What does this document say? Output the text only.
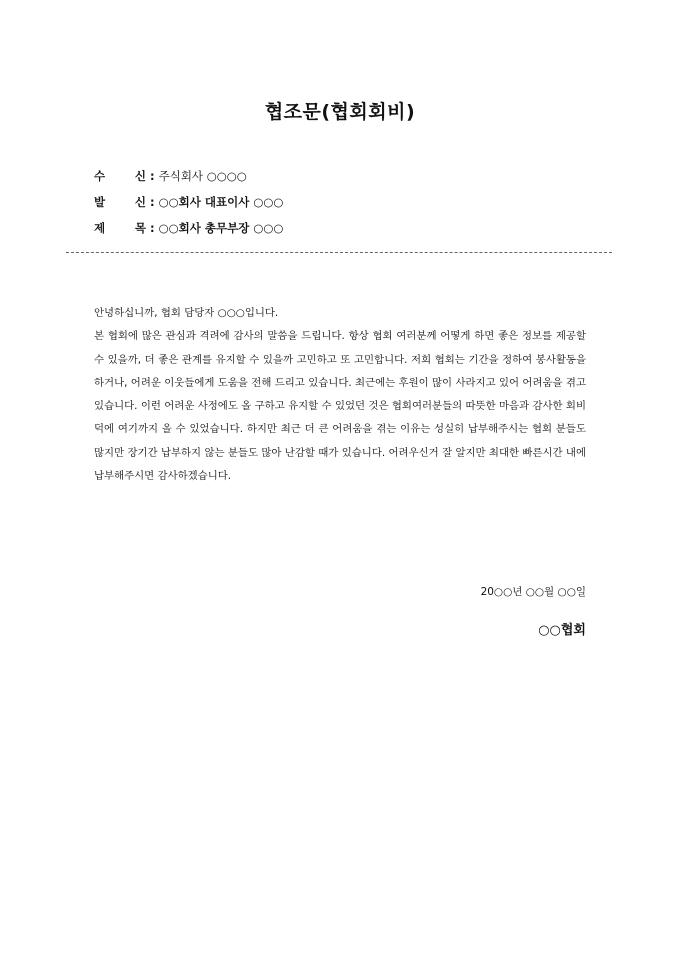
협조문(협회회비)
수	신 : 주식회사 ○○○○
발	신 : ○○회사 대표이사 ○○○
제	목 : ○○회사 총무부장 ○○○
안녕하십니까, 협회 담당자 ○○○입니다.
본 협회에 많은 관심과 격려에 감사의 말씀을 드립니다. 항상 협회 여러분께 어떻게 하면 좋은 정보를 제공할 수 있을까, 더 좋은 관계를 유지할 수 있을까 고민하고 또 고민합니다. 저희 협회는 기간을 정하여 봉사활동을 하거나, 어려운 이웃들에게 도움을 전해 드리고 있습니다. 최근에는 후원이 많이 사라지고 있어 어려움을 겪고 있습니다. 이런 어려운 사정에도 올 구하고 유지할 수 있었던 것은 협회여러분들의 따뜻한 마음과 감사한 회비덕에 여기까지 올 수 있었습니다. 하지만 최근 더 큰 어려움을 겪는 이유는 성실히 납부해주시는 협회 분들도 많지만 장기간 납부하지 않는 분들도 많아 난감할 때가 있습니다. 어려우신거 잘 알지만 최대한 빠른시간 내에 납부해주시면 감사하겠습니다.
20○○년 ○○월 ○○일
○○협회
